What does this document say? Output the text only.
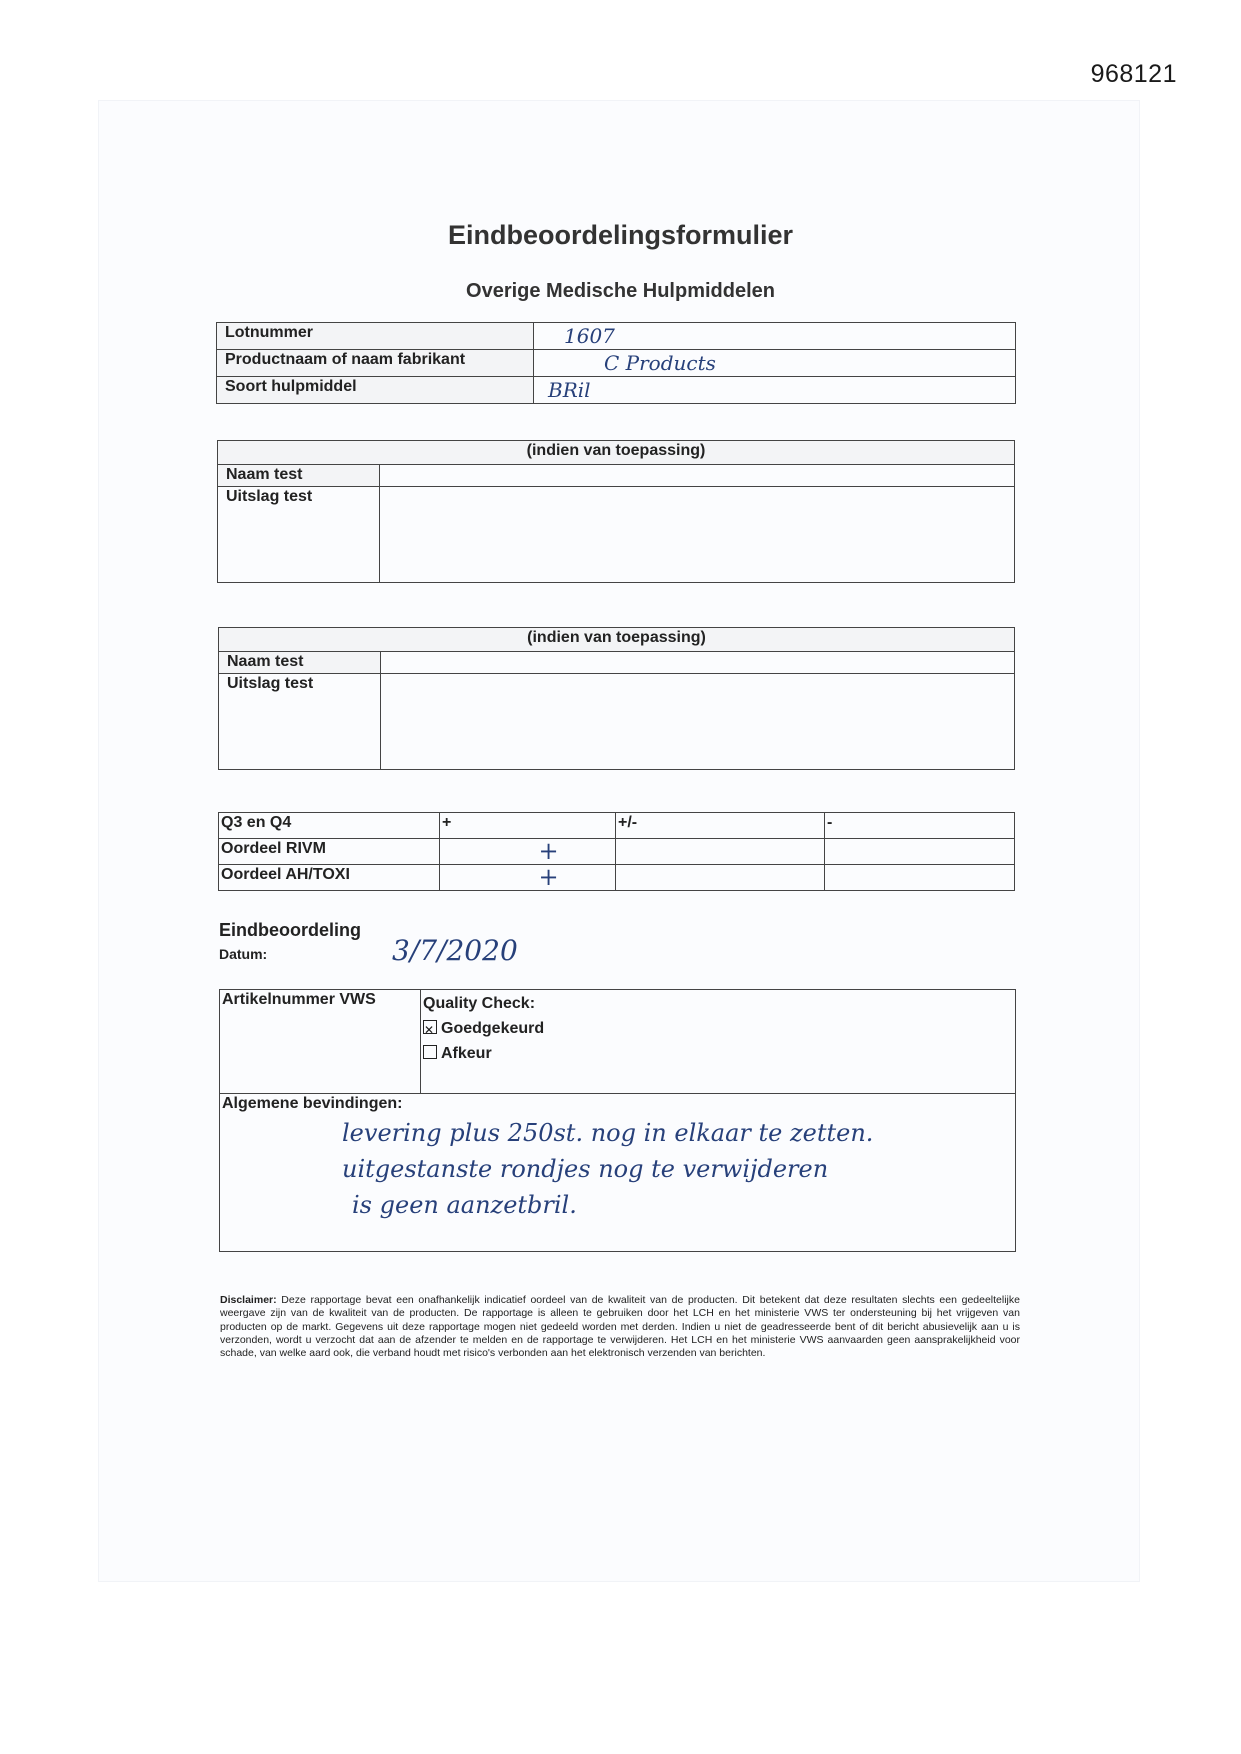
968121
Eindbeoordelingsformulier
Overige Medische Hulpmiddelen
Lotnummer	1607
Productnaam of naam fabrikant	C Products
Soort hulpmiddel	BRil
(indien van toepassing)	
Naam test	
Uitslag test	
(indien van toepassing)	
Naam test	
Uitslag test	
Q3 en Q4	+	+/-	-
Oordeel RIVM	+		
Oordeel AH/TOXI	+		
Eindbeoordeling
Datum:	3/7/2020
Artikelnummer VWS	Quality Check:
✕Goedgekeurd
Afkeur

Algemene bevindingen:
levering plus 250st. nog in elkaar te zetten.
uitgestanste rondjes nog te verwijderen
is geen aanzetbril.
Disclaimer: Deze rapportage bevat een onafhankelijk indicatief oordeel van de kwaliteit van de producten. Dit betekent dat deze resultaten slechts een gedeeltelijke weergave zijn van de kwaliteit van de producten. De rapportage is alleen te gebruiken door het LCH en het ministerie VWS ter ondersteuning bij het vrijgeven van producten op de markt. Gegevens uit deze rapportage mogen niet gedeeld worden met derden. Indien u niet de geadresseerde bent of dit bericht abusievelijk aan u is verzonden, wordt u verzocht dat aan de afzender te melden en de rapportage te verwijderen. Het LCH en het ministerie VWS aanvaarden geen aansprakelijkheid voor schade, van welke aard ook, die verband houdt met risico's verbonden aan het elektronisch verzenden van berichten.
